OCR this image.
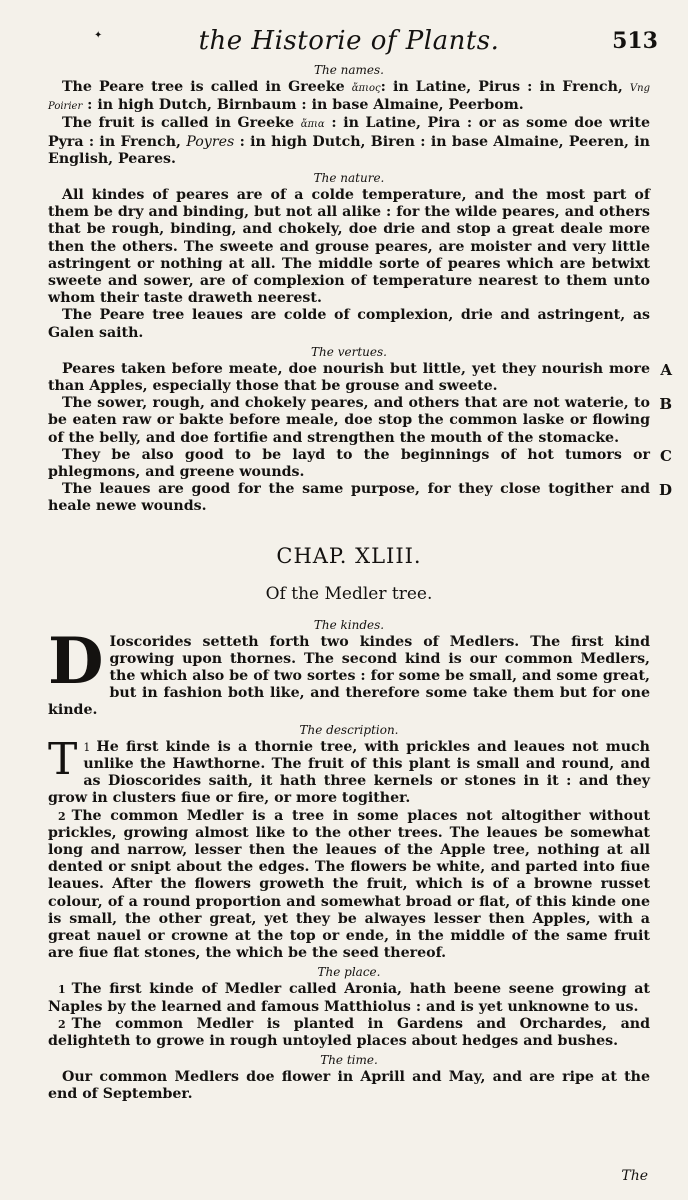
✦	the Historie of Plants.	513
The names.

The Peare tree is called in Greeke ἄπιος: in Latine, Pirus : in French, Vng Poirier : in high Dutch, Birnbaum : in base Almaine, Peerbom.

The fruit is called in Greeke ἄπια : in Latine, Pira : or as some doe write Pyra : in French, Poyres : in high Dutch, Biren : in base Almaine, Peeren, in English, Peares.

The nature.

All kindes of peares are of a colde temperature, and the most part of them be dry and binding, but not all alike : for the wilde peares, and others that be rough, binding, and chokely, doe drie and stop a great deale more then the others. The sweete and grouse peares, are moister and very little astringent or nothing at all. The middle sorte of peares which are betwixt sweete and sower, are of complexion of temperature nearest to them unto whom their taste draweth neerest.

The Peare tree leaues are colde of complexion, drie and astringent, as Galen saith.

The vertues.

Peares taken before meate, doe nourish but little, yet they nourish more than Apples, especially those that be grouse and sweete.

A

The sower, rough, and chokely peares, and others that are not waterie, to be eaten raw or bakte before meale, doe stop the common laske or flowing of the belly, and doe fortifie and strengthen the mouth of the stomacke.

B

They be also good to be layd to the beginnings of hot tumors or phlegmons, and greene wounds.

C

The leaues are good for the same purpose, for they close togither and heale newe wounds.

D
CHAP. XLIII.
Of the Medler tree.
The kindes.

D Ioscorides setteth forth two kindes of Medlers. The first kind growing upon thornes. The second kind is our common Medlers, the which also be of two sortes : for some be small, and some great, but in fashion both like, and therefore some take them but for one kinde.

The description.

1
T He first kinde is a thornie tree, with prickles and leaues not much unlike the Hawthorne. The fruit of this plant is small and round, and as Dioscorides saith, it hath three kernels or stones in it : and they grow in clusters fiue or fire, or more togither.

2 The common Medler is a tree in some places not altogither without prickles, growing almost like to the other trees. The leaues be somewhat long and narrow, lesser then the leaues of the Apple tree, nothing at all dented or snipt about the edges. The flowers be white, and parted into fiue leaues. After the flowers groweth the fruit, which is of a browne russet colour, of a round proportion and somewhat broad or flat, of this kinde one is small, the other great, yet they be alwayes lesser then Apples, with a great nauel or crowne at the top or ende, in the middle of the same fruit are fiue flat stones, the which be the seed thereof.

The place.

1 The first kinde of Medler called Aronia, hath beene seene growing at Naples by the learned and famous Matthiolus : and is yet unknowne to us.

2 The common Medler is planted in Gardens and Orchardes, and delighteth to growe in rough untoyled places about hedges and bushes.

The time.

Our common Medlers doe flower in Aprill and May, and are ripe at the end of September.

The
